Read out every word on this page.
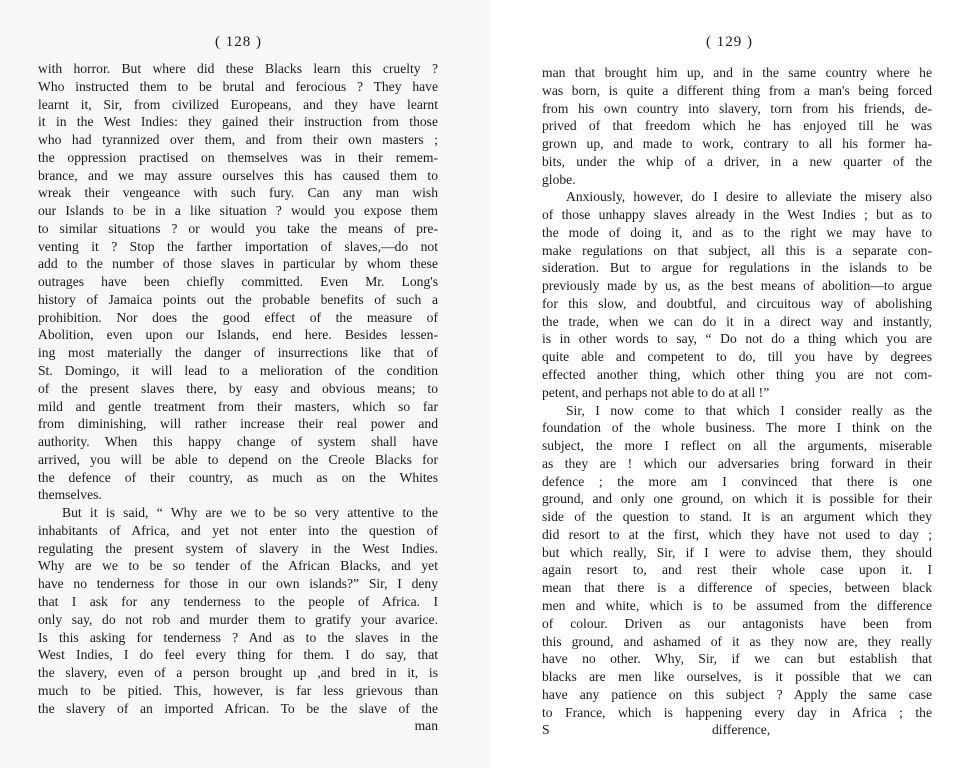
( 128 )
with horror. But where did these Blacks learn this cruelty ?
Who instructed them to be brutal and ferocious ? They have
learnt it, Sir, from civilized Europeans, and they have learnt
it in the West Indies: they gained their instruction from those
who had tyrannized over them, and from their own masters ;
the oppression practised on themselves was in their remem-
brance, and we may assure ourselves this has caused them to
wreak their vengeance with such fury. Can any man wish
our Islands to be in a like situation ? would you expose them
to similar situations ? or would you take the means of pre-
venting it ? Stop the farther importation of slaves,—do not
add to the number of those slaves in particular by whom these
outrages have been chiefly committed. Even Mr. Long's
history of Jamaica points out the probable benefits of such a
prohibition. Nor does the good effect of the measure of
Abolition, even upon our Islands, end here. Besides lessen-
ing most materially the danger of insurrections like that of
St. Domingo, it will lead to a melioration of the condition
of the present slaves there, by easy and obvious means; to
mild and gentle treatment from their masters, which so far
from diminishing, will rather increase their real power and
authority. When this happy change of system shall have
arrived, you will be able to depend on the Creole Blacks for
the defence of their country, as much as on the Whites
themselves.
But it is said, “ Why are we to be so very attentive to the
inhabitants of Africa, and yet not enter into the question of
regulating the present system of slavery in the West Indies.
Why are we to be so tender of the African Blacks, and yet
have no tenderness for those in our own islands?” Sir, I deny
that I ask for any tenderness to the people of Africa. I
only say, do not rob and murder them to gratify your avarice.
Is this asking for tenderness ? And as to the slaves in the
West Indies, I do feel every thing for them. I do say, that
the slavery, even of a person brought up ,and bred in it, is
much to be pitied. This, however, is far less grievous than
the slavery of an imported African. To be the slave of the
man
( 129 )
man that brought him up, and in the same country where he
was born, is quite a different thing from a man's being forced
from his own country into slavery, torn from his friends, de-
prived of that freedom which he has enjoyed till he was
grown up, and made to work, contrary to all his former ha-
bits, under the whip of a driver, in a new quarter of the
globe.
Anxiously, however, do I desire to alleviate the misery also
of those unhappy slaves already in the West Indies ; but as to
the mode of doing it, and as to the right we may have to
make regulations on that subject, all this is a separate con-
sideration. But to argue for regulations in the islands to be
previously made by us, as the best means of abolition—to argue
for this slow, and doubtful, and circuitous way of abolishing
the trade, when we can do it in a direct way and instantly,
is in other words to say, “ Do not do a thing which you are
quite able and competent to do, till you have by degrees
effected another thing, which other thing you are not com-
petent, and perhaps not able to do at all !”
Sir, I now come to that which I consider really as the
foundation of the whole business. The more I think on the
subject, the more I reflect on all the arguments, miserable
as they are ! which our adversaries bring forward in their
defence ; the more am I convinced that there is one
ground, and only one ground, on which it is possible for their
side of the question to stand. It is an argument which they
did resort to at the first, which they have not used to day ;
but which really, Sir, if I were to advise them, they should
again resort to, and rest their whole case upon it. I
mean that there is a difference of species, between black
men and white, which is to be assumed from the difference
of colour. Driven as our antagonists have been from
this ground, and ashamed of it as they now are, they really
have no other. Why, Sir, if we can but establish that
blacks are men like ourselves, is it possible that we can
have any patience on this subject ? Apply the same case
to France, which is happening every day in Africa ; the
S	difference,
